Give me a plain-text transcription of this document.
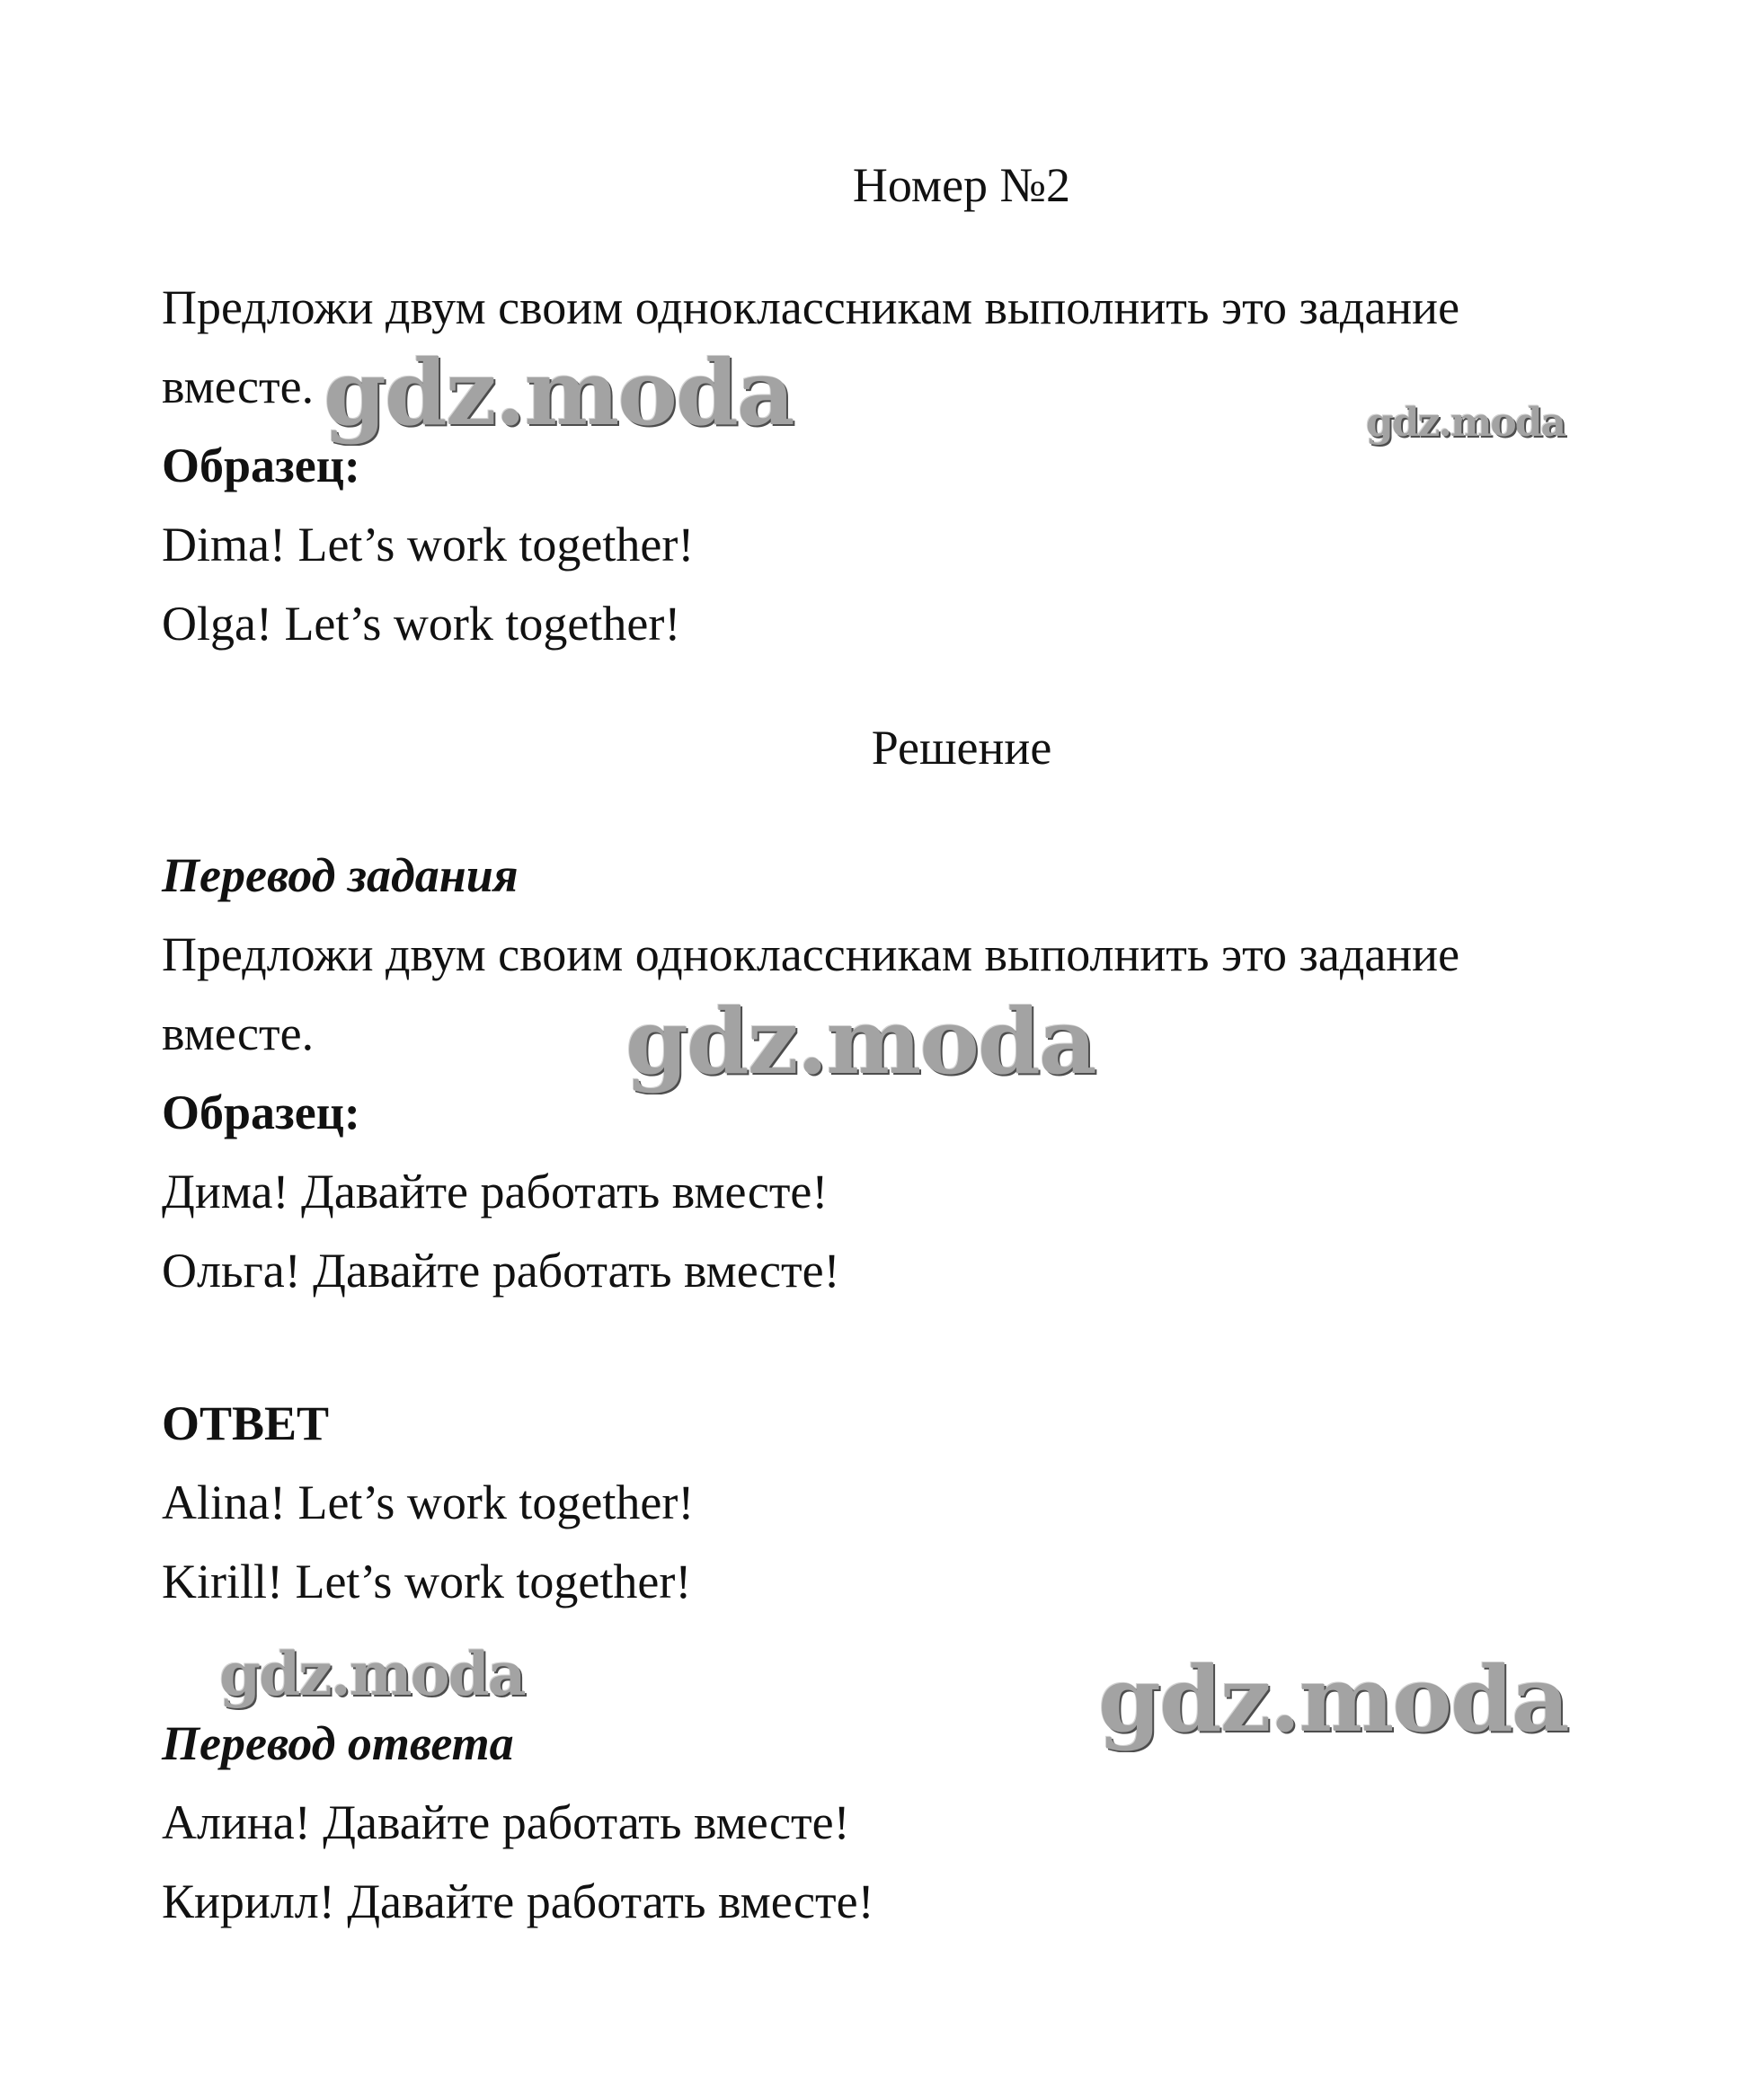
Номер №2
Предложи двум своим одноклассникам выполнить это задание
вместе.
Образец:
Dima! Let’s work together!
Olga! Let’s work together!
Решение
Перевод задания
Предложи двум своим одноклассникам выполнить это задание
вместе.
Образец:
Дима! Давайте работать вместе!
Ольга! Давайте работать вместе!
ОТВЕТ
Alina! Let’s work together!
Kirill! Let’s work together!
Перевод ответа
Алина! Давайте работать вместе!
Кирилл! Давайте работать вместе!
gdz.moda	gdz.moda
gdz.moda
gdz.moda	gdz.moda
